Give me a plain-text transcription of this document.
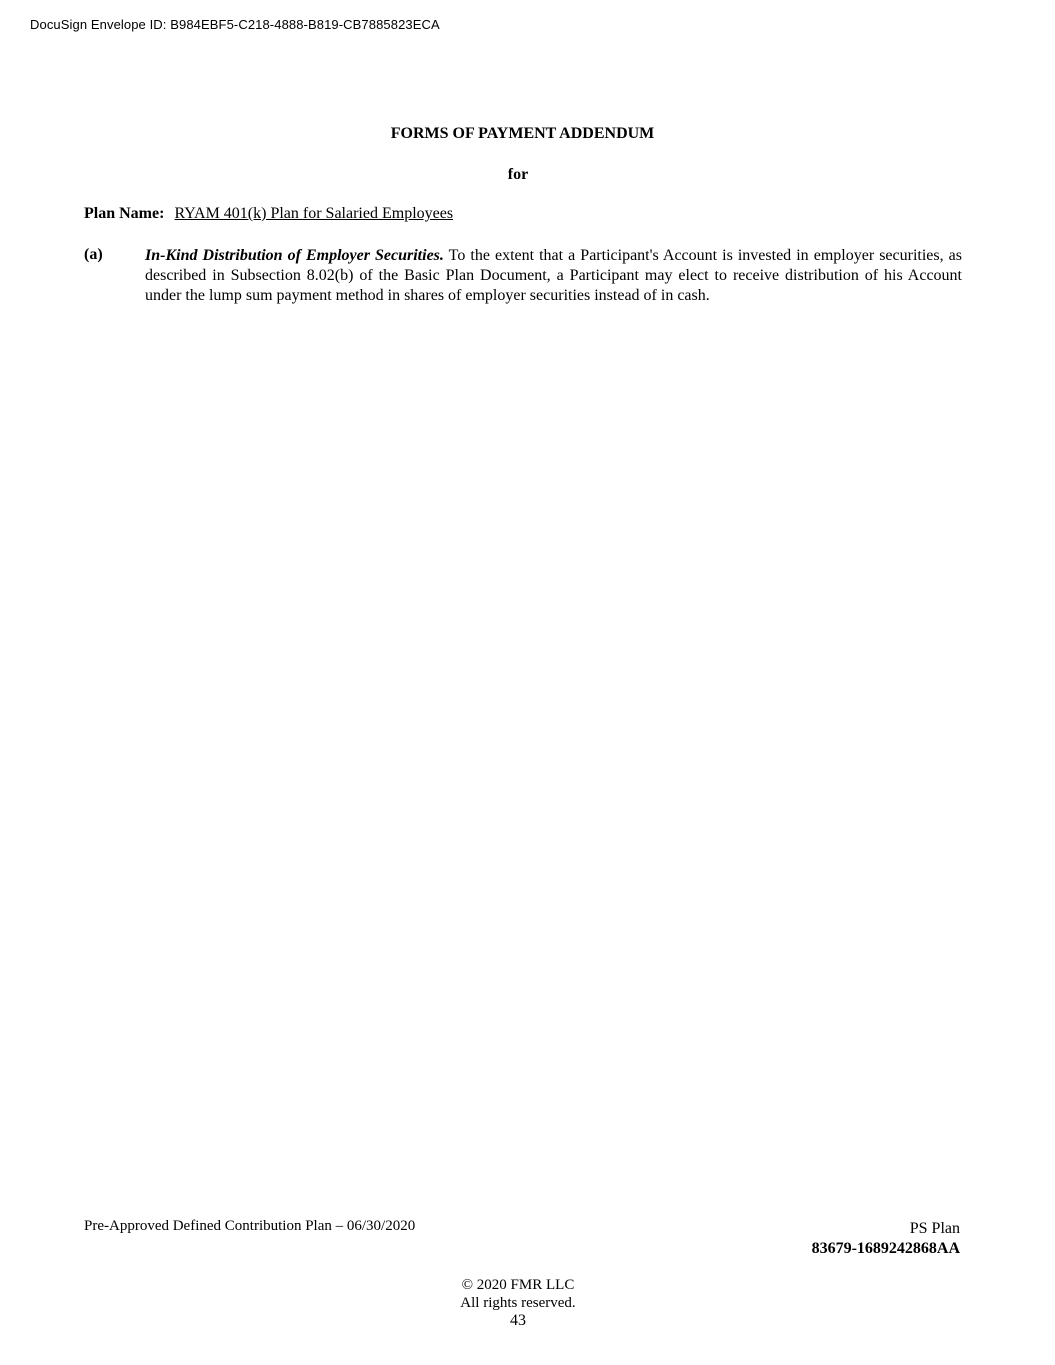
DocuSign Envelope ID: B984EBF5-C218-4888-B819-CB7885823ECA
FORMS OF PAYMENT ADDENDUM
for
Plan Name: RYAM 401(k) Plan for Salaried Employees
(a)	In-Kind Distribution of Employer Securities. To the extent that a Participant's Account is invested in employer securities, as described in Subsection 8.02(b) of the Basic Plan Document, a Participant may elect to receive distribution of his Account under the lump sum payment method in shares of employer securities instead of in cash.
Pre-Approved Defined Contribution Plan – 06/30/2020	PS Plan
83679-1689242868AA
© 2020 FMR LLC
All rights reserved.
43
